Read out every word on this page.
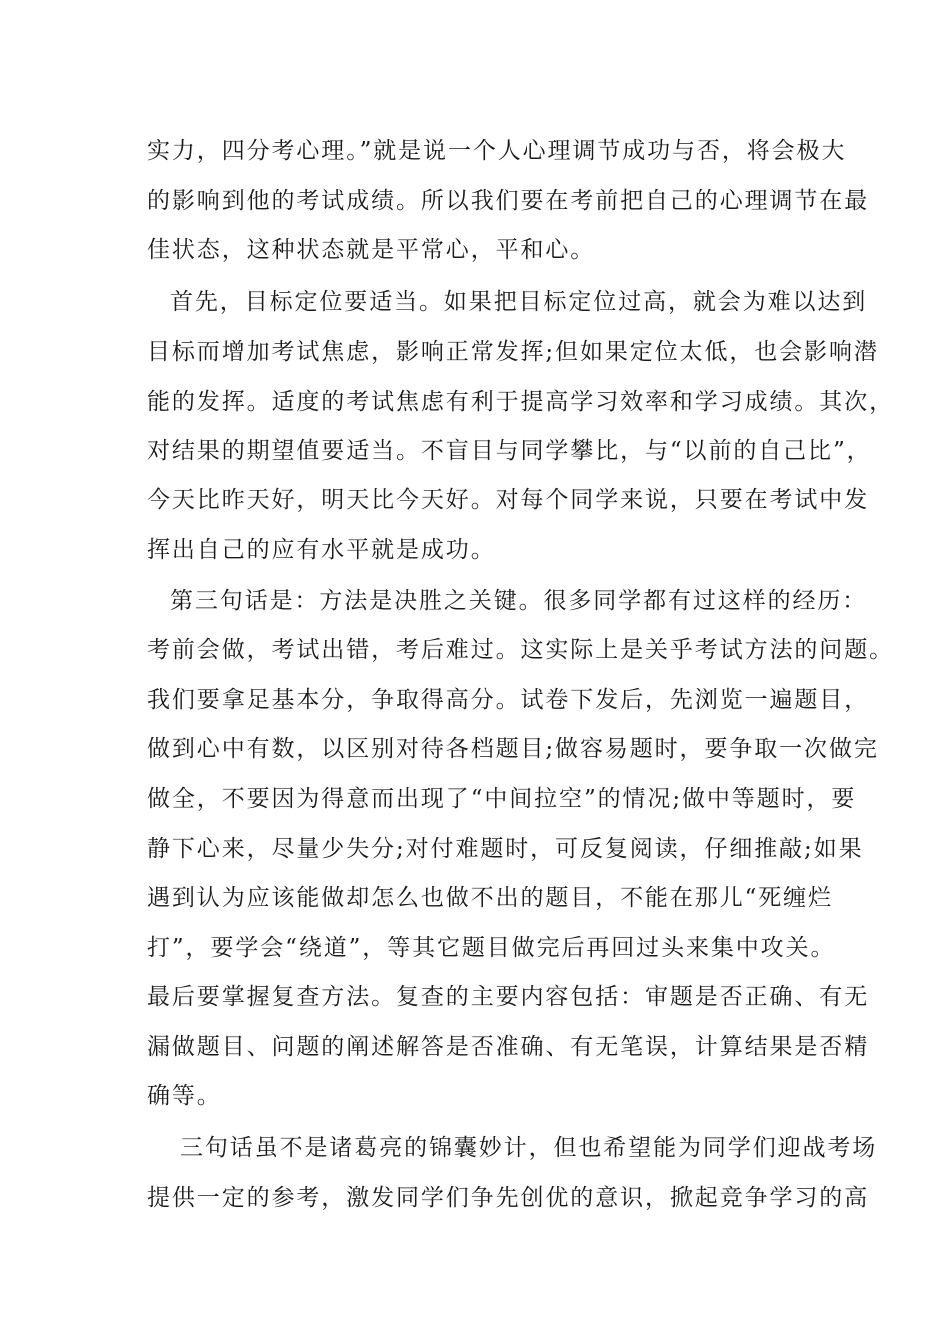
实力，四分考心理。”就是说一个人心理调节成功与否，将会极大
的影响到他的考试成绩。所以我们要在考前把自己的心理调节在最
佳状态，这种状态就是平常心，平和心。
首先，目标定位要适当。如果把目标定位过高，就会为难以达到
目标而增加考试焦虑，影响正常发挥;但如果定位太低，也会影响潜
能的发挥。适度的考试焦虑有利于提高学习效率和学习成绩。其次，
对结果的期望值要适当。不盲目与同学攀比，与“以前的自己比”，
今天比昨天好，明天比今天好。对每个同学来说，只要在考试中发
挥出自己的应有水平就是成功。
第三句话是：方法是决胜之关键。很多同学都有过这样的经历：
考前会做，考试出错，考后难过。这实际上是关乎考试方法的问题。
我们要拿足基本分，争取得高分。试卷下发后，先浏览一遍题目，
做到心中有数，以区别对待各档题目;做容易题时，要争取一次做完
做全，不要因为得意而出现了“中间拉空”的情况;做中等题时，要
静下心来，尽量少失分;对付难题时，可反复阅读，仔细推敲;如果
遇到认为应该能做却怎么也做不出的题目，不能在那儿“死缠烂
打”，要学会“绕道”，等其它题目做完后再回过头来集中攻关。
最后要掌握复查方法。复查的主要内容包括：审题是否正确、有无
漏做题目、问题的阐述解答是否准确、有无笔误，计算结果是否精
确等。
三句话虽不是诸葛亮的锦囊妙计，但也希望能为同学们迎战考场
提供一定的参考，激发同学们争先创优的意识，掀起竞争学习的高
